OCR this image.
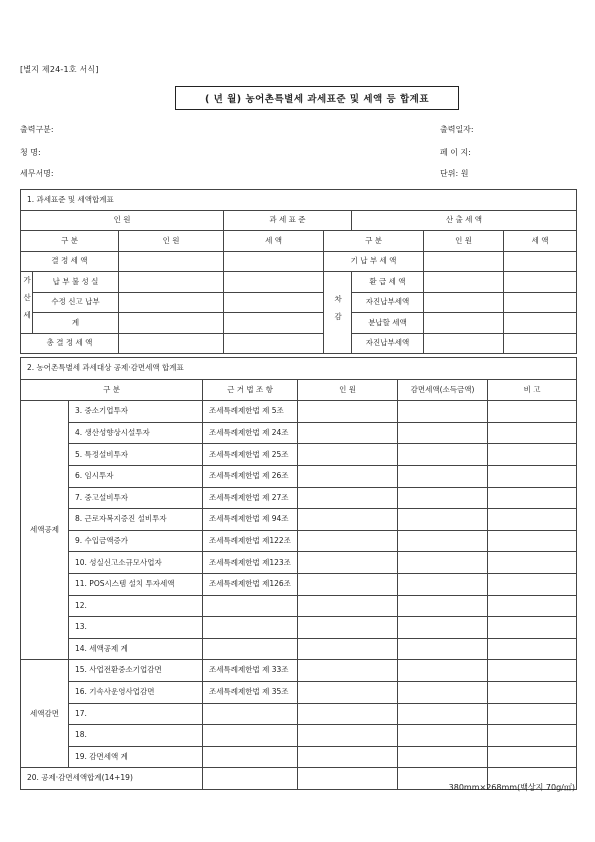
[별지 제24-1호 서식]
( 년 월) 농어촌특별세 과세표준 및 세액 등 합계표
출력구분:	출력일자:
청 명:	페 이 지:
세무서명:	단위: 원
1. 과세표준 및 세액합계표							
인 원			과 세 표 준		산 출 세 액		
구 분		인 원	세 액	구 분		인 원	세 액
결 정 세 액				기 납 부 세 액			
가산세	납 부 불 성 실			차감	환 급 세 액		
	수정 신고 납부				자진납부세액		
	계				분납할 세액		
총 결 정 세 액					자진납부세액		
2. 농어촌특별세 과세대상 공제·감면세액 합계표					
구 분		근 거 법 조 항	인 원	감면세액(소득금액)	비 고
세액공제	3. 중소기업투자	조세특례제한법 제 5조			
	4. 생산성향상시설투자	조세특례제한법 제 24조			
	5. 특정설비투자	조세특례제한법 제 25조			
	6. 임시투자	조세특례제한법 제 26조			
	7. 중고설비투자	조세특례제한법 제 27조			
	8. 근로자복지증진 설비투자	조세특례제한법 제 94조			
	9. 수입금액증가	조세특례제한법 제122조			
	10. 성실신고소규모사업자	조세특례제한법 제123조			
	11. POS시스템 설치 투자세액	조세특례제한법 제126조			
	12.				
	13.				
	14. 세액공제 계				
세액감면	15. 사업전환중소기업감면	조세특례제한법 제 33조			
	16. 기속사운영사업감면	조세특례제한법 제 35조			
	17.				
	18.				
	19. 감면세액 계				
20. 공제·감면세액합계(14+19)					
380mm×268mm(백상지 70g/㎡)
